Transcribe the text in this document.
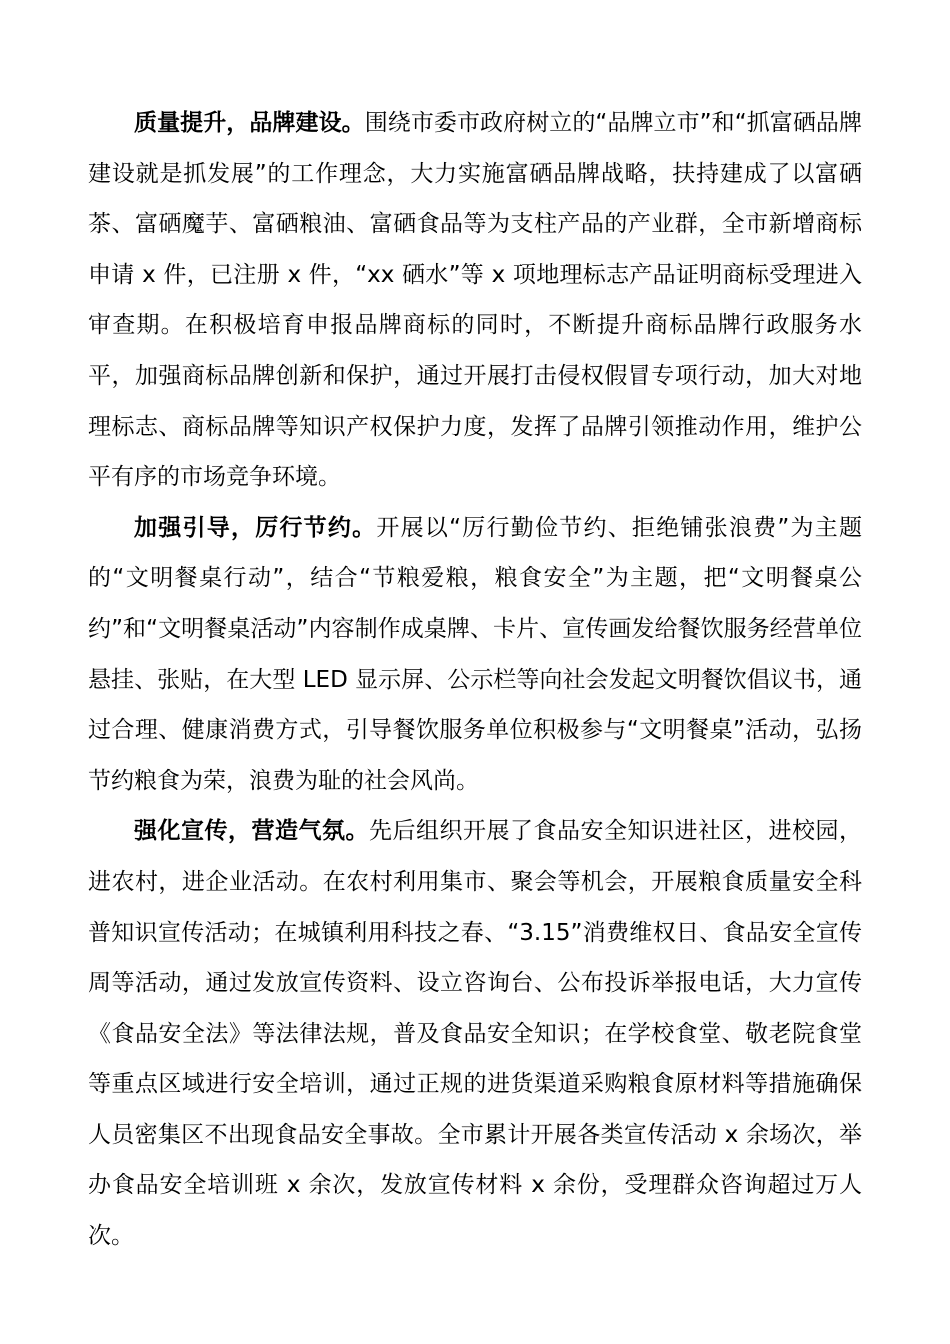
质量提升，品牌建设。围绕市委市政府树立的“品牌立市”和“抓富硒品牌建设就是抓发展”的工作理念，大力实施富硒品牌战略，扶持建成了以富硒茶、富硒魔芋、富硒粮油、富硒食品等为支柱产品的产业群，全市新增商标申请 x 件，已注册 x 件，“xx 硒水”等 x 项地理标志产品证明商标受理进入审查期。在积极培育申报品牌商标的同时，不断提升商标品牌行政服务水平，加强商标品牌创新和保护，通过开展打击侵权假冒专项行动，加大对地理标志、商标品牌等知识产权保护力度，发挥了品牌引领推动作用，维护公平有序的市场竞争环境。

加强引导，厉行节约。开展以“厉行勤俭节约、拒绝铺张浪费”为主题的“文明餐桌行动”，结合“节粮爱粮，粮食安全”为主题，把“文明餐桌公约”和“文明餐桌活动”内容制作成桌牌、卡片、宣传画发给餐饮服务经营单位悬挂、张贴，在大型 LED 显示屏、公示栏等向社会发起文明餐饮倡议书，通过合理、健康消费方式，引导餐饮服务单位积极参与“文明餐桌”活动，弘扬节约粮食为荣，浪费为耻的社会风尚。

强化宣传，营造气氛。先后组织开展了食品安全知识进社区，进校园，进农村，进企业活动。在农村利用集市、聚会等机会，开展粮食质量安全科普知识宣传活动；在城镇利用科技之春、“3.15”消费维权日、食品安全宣传周等活动，通过发放宣传资料、设立咨询台、公布投诉举报电话，大力宣传《食品安全法》等法律法规，普及食品安全知识；在学校食堂、敬老院食堂等重点区域进行安全培训，通过正规的进货渠道采购粮食原材料等措施确保人员密集区不出现食品安全事故。全市累计开展各类宣传活动 x 余场次，举办食品安全培训班 x 余次，发放宣传材料 x 余份，受理群众咨询超过万人次。
